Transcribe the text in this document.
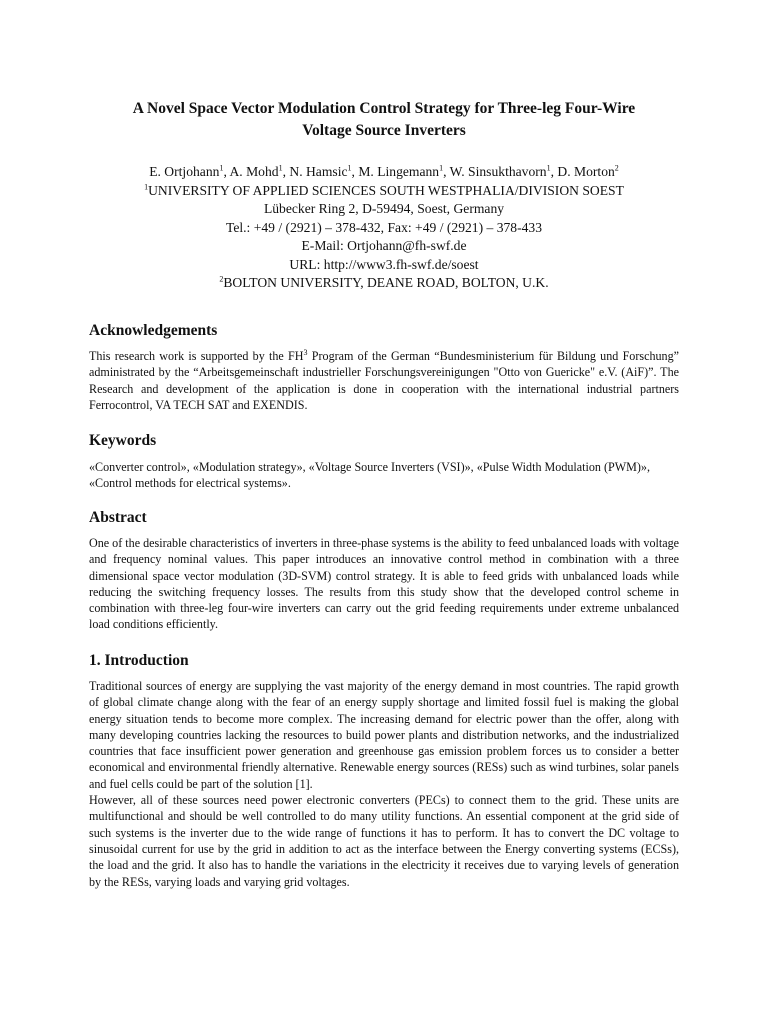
A Novel Space Vector Modulation Control Strategy for Three-leg Four-Wire
Voltage Source Inverters
E. Ortjohann$^1$, A. Mohd$^1$, N. Hamsic$^1$, M. Lingemann$^1$, W. Sinsukthavorn$^1$, D. Morton$^2$
$^1$UNIVERSITY OF APPLIED SCIENCES SOUTH WESTPHALIA/DIVISION SOEST
Lübecker Ring 2, D-59494, Soest, Germany
Tel.: +49 / (2921) – 378-432, Fax: +49 / (2921) – 378-433
E-Mail: Ortjohann@fh-swf.de
URL: http://www3.fh-swf.de/soest
$^2$BOLTON UNIVERSITY, DEANE ROAD, BOLTON, U.K.
Acknowledgements
This research work is supported by the $FH^3$ Program of the German “Bundesministerium für Bildung und Forschung” administrated by the “Arbeitsgemeinschaft industrieller Forschungsvereinigungen "Otto von Guericke" e.V. (AiF)”. The Research and development of the application is done in cooperation with the international industrial partners Ferrocontrol, VA TECH SAT and EXENDIS.
Keywords
«Converter control», «Modulation strategy», «Voltage Source Inverters (VSI)», «Pulse Width Modulation (PWM)», «Control methods for electrical systems».
Abstract
One of the desirable characteristics of inverters in three-phase systems is the ability to feed unbalanced loads with voltage and frequency nominal values. This paper introduces an innovative control method in combination with a three dimensional space vector modulation (3D-SVM) control strategy. It is able to feed grids with unbalanced loads while reducing the switching frequency losses. The results from this study show that the developed control scheme in combination with three-leg four-wire inverters can carry out the grid feeding requirements under extreme unbalanced load conditions efficiently.
1. Introduction

Traditional sources of energy are supplying the vast majority of the energy demand in most countries. The rapid growth of global climate change along with the fear of an energy supply shortage and limited fossil fuel is making the global energy situation tends to become more complex. The increasing demand for electric power than the offer, along with many developing countries lacking the resources to build power plants and distribution networks, and the industrialized countries that face insufficient power generation and greenhouse gas emission problem forces us to consider a better economical and environmental friendly alternative. Renewable energy sources (RESs) such as wind turbines, solar panels and fuel cells could be part of the solution [1].

However, all of these sources need power electronic converters (PECs) to connect them to the grid. These units are multifunctional and should be well controlled to do many utility functions. An essential component at the grid side of such systems is the inverter due to the wide range of functions it has to perform. It has to convert the DC voltage to sinusoidal current for use by the grid in addition to act as the interface between the Energy converting systems (ECSs), the load and the grid. It also has to handle the variations in the electricity it receives due to varying levels of generation by the RESs, varying loads and varying grid voltages.
